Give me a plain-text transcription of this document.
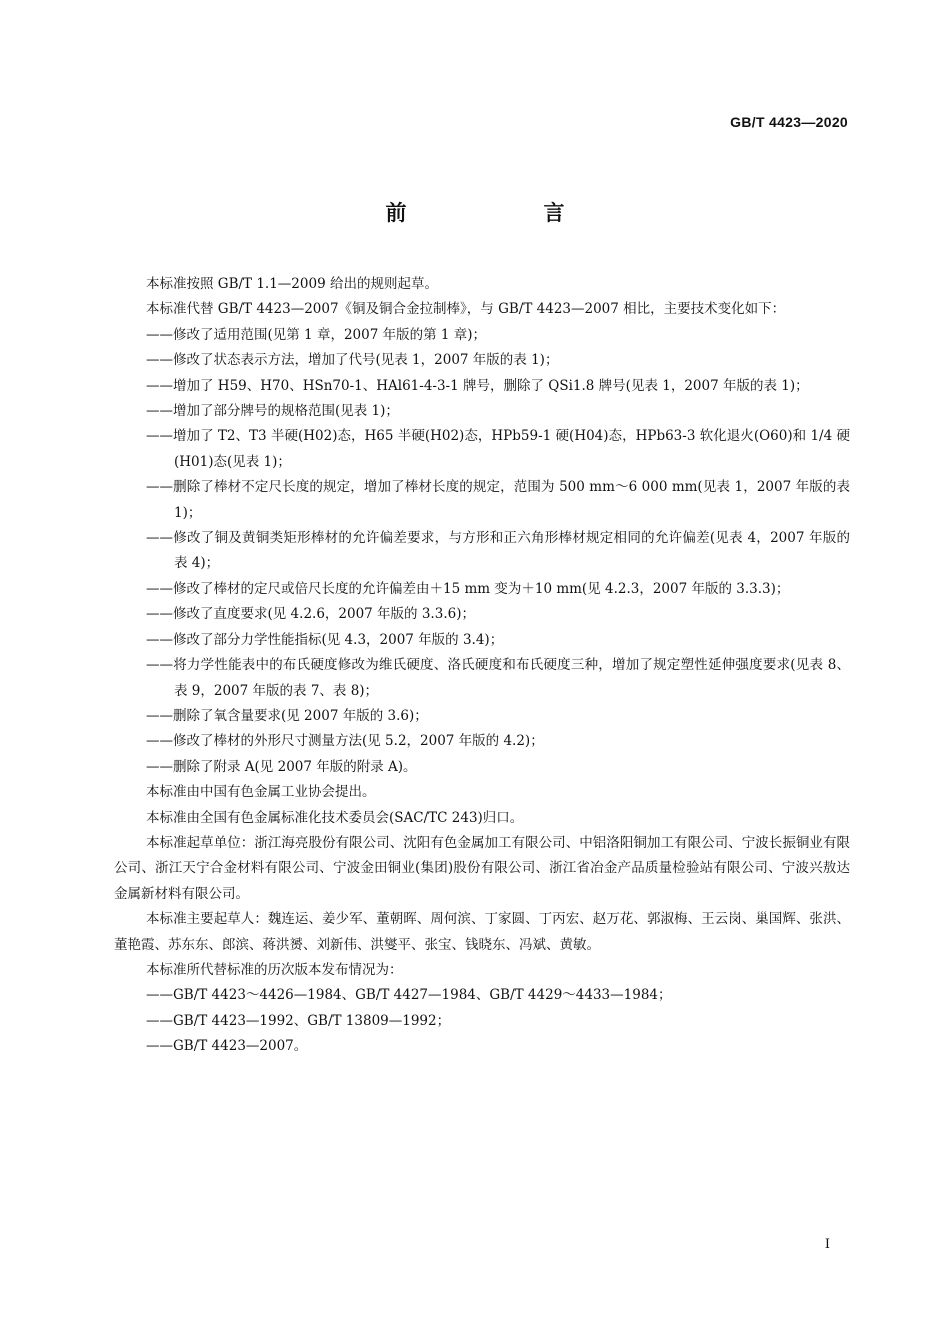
GB/T 4423—2020
前　言

本标准按照 GB/T 1.1—2009 给出的规则起草。

本标准代替 GB/T 4423—2007《铜及铜合金拉制棒》，与 GB/T 4423—2007 相比，主要技术变化如下：

——修改了适用范围(见第 1 章，2007 年版的第 1 章)；

——修改了状态表示方法，增加了代号(见表 1，2007 年版的表 1)；

——增加了 H59、H70、HSn70-1、HAl61-4-3-1 牌号，删除了 QSi1.8 牌号(见表 1，2007 年版的表 1)；

——增加了部分牌号的规格范围(见表 1)；

——增加了 T2、T3 半硬(H02)态，H65 半硬(H02)态，HPb59-1 硬(H04)态，HPb63-3 软化退火(O60)和 1/4 硬(H01)态(见表 1)；

——删除了棒材不定尺长度的规定，增加了棒材长度的规定，范围为 500 mm～6 000 mm(见表 1，2007 年版的表 1)；

——修改了铜及黄铜类矩形棒材的允许偏差要求，与方形和正六角形棒材规定相同的允许偏差(见表 4，2007 年版的表 4)；

——修改了棒材的定尺或倍尺长度的允许偏差由＋15 mm 变为＋10 mm(见 4.2.3，2007 年版的 3.3.3)；

——修改了直度要求(见 4.2.6，2007 年版的 3.3.6)；

——修改了部分力学性能指标(见 4.3，2007 年版的 3.4)；

——将力学性能表中的布氏硬度修改为维氏硬度、洛氏硬度和布氏硬度三种，增加了规定塑性延伸强度要求(见表 8、表 9，2007 年版的表 7、表 8)；

——删除了氧含量要求(见 2007 年版的 3.6)；

——修改了棒材的外形尺寸测量方法(见 5.2，2007 年版的 4.2)；

——删除了附录 A(见 2007 年版的附录 A)。

本标准由中国有色金属工业协会提出。

本标准由全国有色金属标准化技术委员会(SAC/TC 243)归口。

本标准起草单位：浙江海亮股份有限公司、沈阳有色金属加工有限公司、中铝洛阳铜加工有限公司、宁波长振铜业有限公司、浙江天宁合金材料有限公司、宁波金田铜业(集团)股份有限公司、浙江省冶金产品质量检验站有限公司、宁波兴敖达金属新材料有限公司。

本标准主要起草人：魏连运、姜少军、董朝晖、周何滨、丁家圆、丁丙宏、赵万花、郭淑梅、王云岗、巢国辉、张洪、董艳霞、苏东东、郎滨、蒋洪赟、刘新伟、洪燮平、张宝、钱晓东、冯斌、黄敏。

本标准所代替标准的历次版本发布情况为：

——GB/T 4423～4426—1984、GB/T 4427—1984、GB/T 4429～4433—1984；

——GB/T 4423—1992、GB/T 13809—1992；

——GB/T 4423—2007。

I
